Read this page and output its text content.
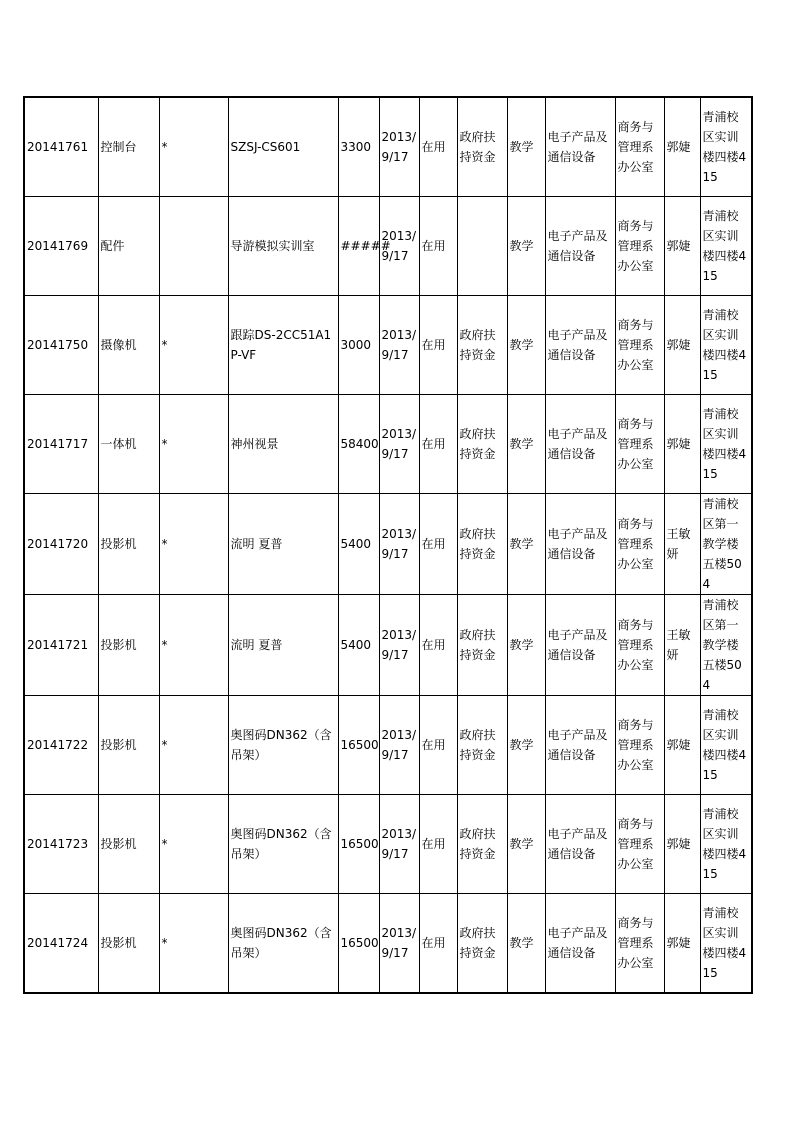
20141761	控制台	*	SZSJ-CS601	3300	2013/ 9/17	在用	政府扶持资金	教学	电子产品及通信设备	商务与管理系办公室	郭婕	青浦校区实训楼四楼415
20141769	配件		导游模拟实训室	#####	2013/ 9/17	在用		教学	电子产品及通信设备	商务与管理系办公室	郭婕	青浦校区实训楼四楼415
20141750	摄像机	*	跟踪DS-2CC51A1P-VF	3000	2013/ 9/17	在用	政府扶持资金	教学	电子产品及通信设备	商务与管理系办公室	郭婕	青浦校区实训楼四楼415
20141717	一体机	*	神州视景	58400	2013/ 9/17	在用	政府扶持资金	教学	电子产品及通信设备	商务与管理系办公室	郭婕	青浦校区实训楼四楼415
20141720	投影机	*	流明 夏普	5400	2013/ 9/17	在用	政府扶持资金	教学	电子产品及通信设备	商务与管理系办公室	王敏妍	青浦校区第一教学楼五楼504
20141721	投影机	*	流明 夏普	5400	2013/ 9/17	在用	政府扶持资金	教学	电子产品及通信设备	商务与管理系办公室	王敏妍	青浦校区第一教学楼五楼504
20141722	投影机	*	奥图码DN362（含吊架）	16500	2013/ 9/17	在用	政府扶持资金	教学	电子产品及通信设备	商务与管理系办公室	郭婕	青浦校区实训楼四楼415
20141723	投影机	*	奥图码DN362（含吊架）	16500	2013/ 9/17	在用	政府扶持资金	教学	电子产品及通信设备	商务与管理系办公室	郭婕	青浦校区实训楼四楼415
20141724	投影机	*	奥图码DN362（含吊架）	16500	2013/ 9/17	在用	政府扶持资金	教学	电子产品及通信设备	商务与管理系办公室	郭婕	青浦校区实训楼四楼415
